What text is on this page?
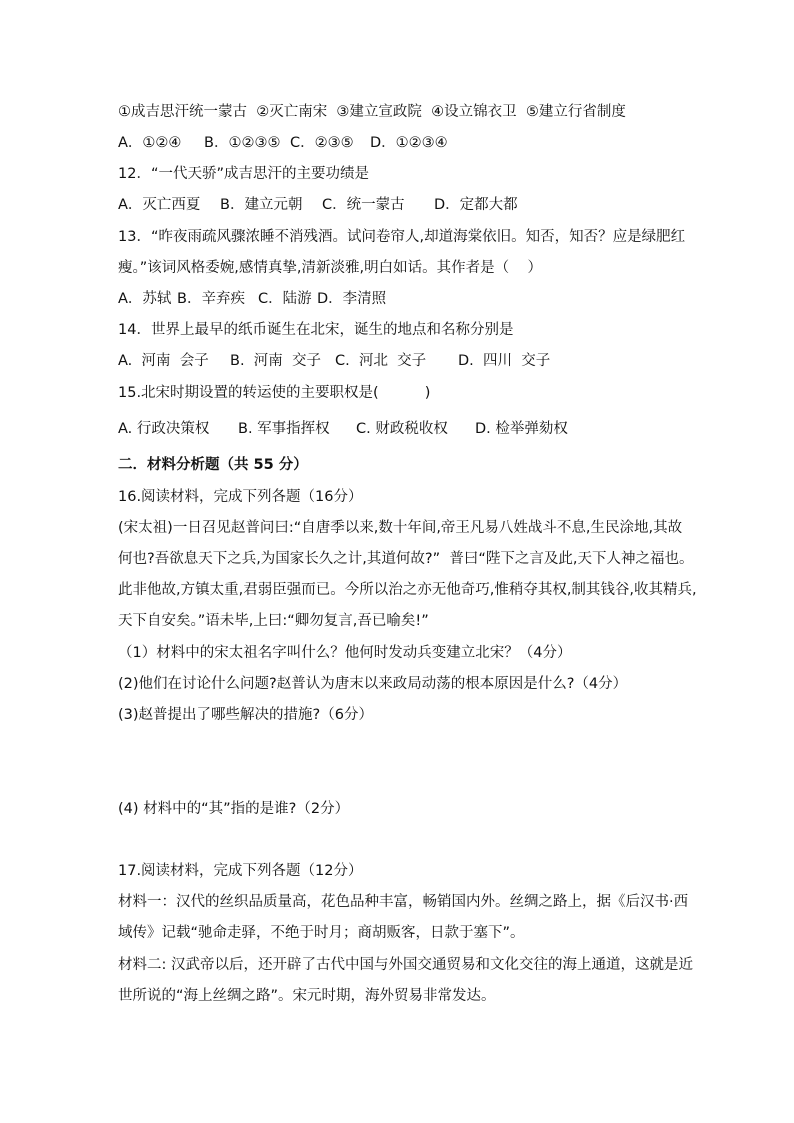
①成吉思汗统一蒙古  ②灭亡南宋  ③建立宣政院  ④设立锦衣卫  ⑤建立行省制度
A．①②④ B．①②③⑤ C．②③⑤ D．①②③④
12．“一代天骄”成吉思汗的主要功绩是
A．灭亡西夏 B．建立元朝 C．统一蒙古 D．定都大都
13．“昨夜雨疏风骤浓睡不消残酒。试问卷帘人,却道海棠依旧。知否，知否？应是绿肥红
瘦。”该词风格委婉,感情真挚,清新淡雅,明白如话。其作者是（    ）
A．苏轼 B．辛弃疾 C．陆游 D．李清照
14．世界上最早的纸币诞生在北宋，诞生的地点和名称分别是
A.  河南  会子 B.  河南  交子 C.  河北  交子 D.  四川  交子
15.北宋时期设置的转运使的主要职权是(          )
A. 行政决策权 B. 军事指挥权 C. 财政税收权 D. 检举弹劾权
二．材料分析题（共 55 分）
16.阅读材料，完成下列各题（16分）
(宋太祖)一日召见赵普问曰:“自唐季以来,数十年间,帝王凡易八姓战斗不息,生民涂地,其故
何也?吾欲息天下之兵,为国家长久之计,其道何故?”  普曰“陛下之言及此,天下人神之福也。
此非他故,方镇太重,君弱臣强而已。今所以治之亦无他奇巧,惟稍夺其权,制其钱谷,收其精兵,
天下自安矣。”语未毕,上曰:“卿勿复言,吾已喻矣!”
（1）材料中的宋太祖名字叫什么？他何时发动兵变建立北宋？（4分）
(2)他们在讨论什么问题?赵普认为唐末以来政局动荡的根本原因是什么?（4分）
(3)赵普提出了哪些解决的措施?（6分）
(4) 材料中的“其”指的是谁?（2分）
17.阅读材料，完成下列各题（12分）
材料一：汉代的丝织品质量高，花色品种丰富，畅销国内外。丝绸之路上，据《后汉书·西
域传》记载“驰命走驿，不绝于时月；商胡贩客，日款于塞下”。
材料二: 汉武帝以后，还开辟了古代中国与外国交通贸易和文化交往的海上通道，这就是近
世所说的“海上丝绸之路”。宋元时期，海外贸易非常发达。
